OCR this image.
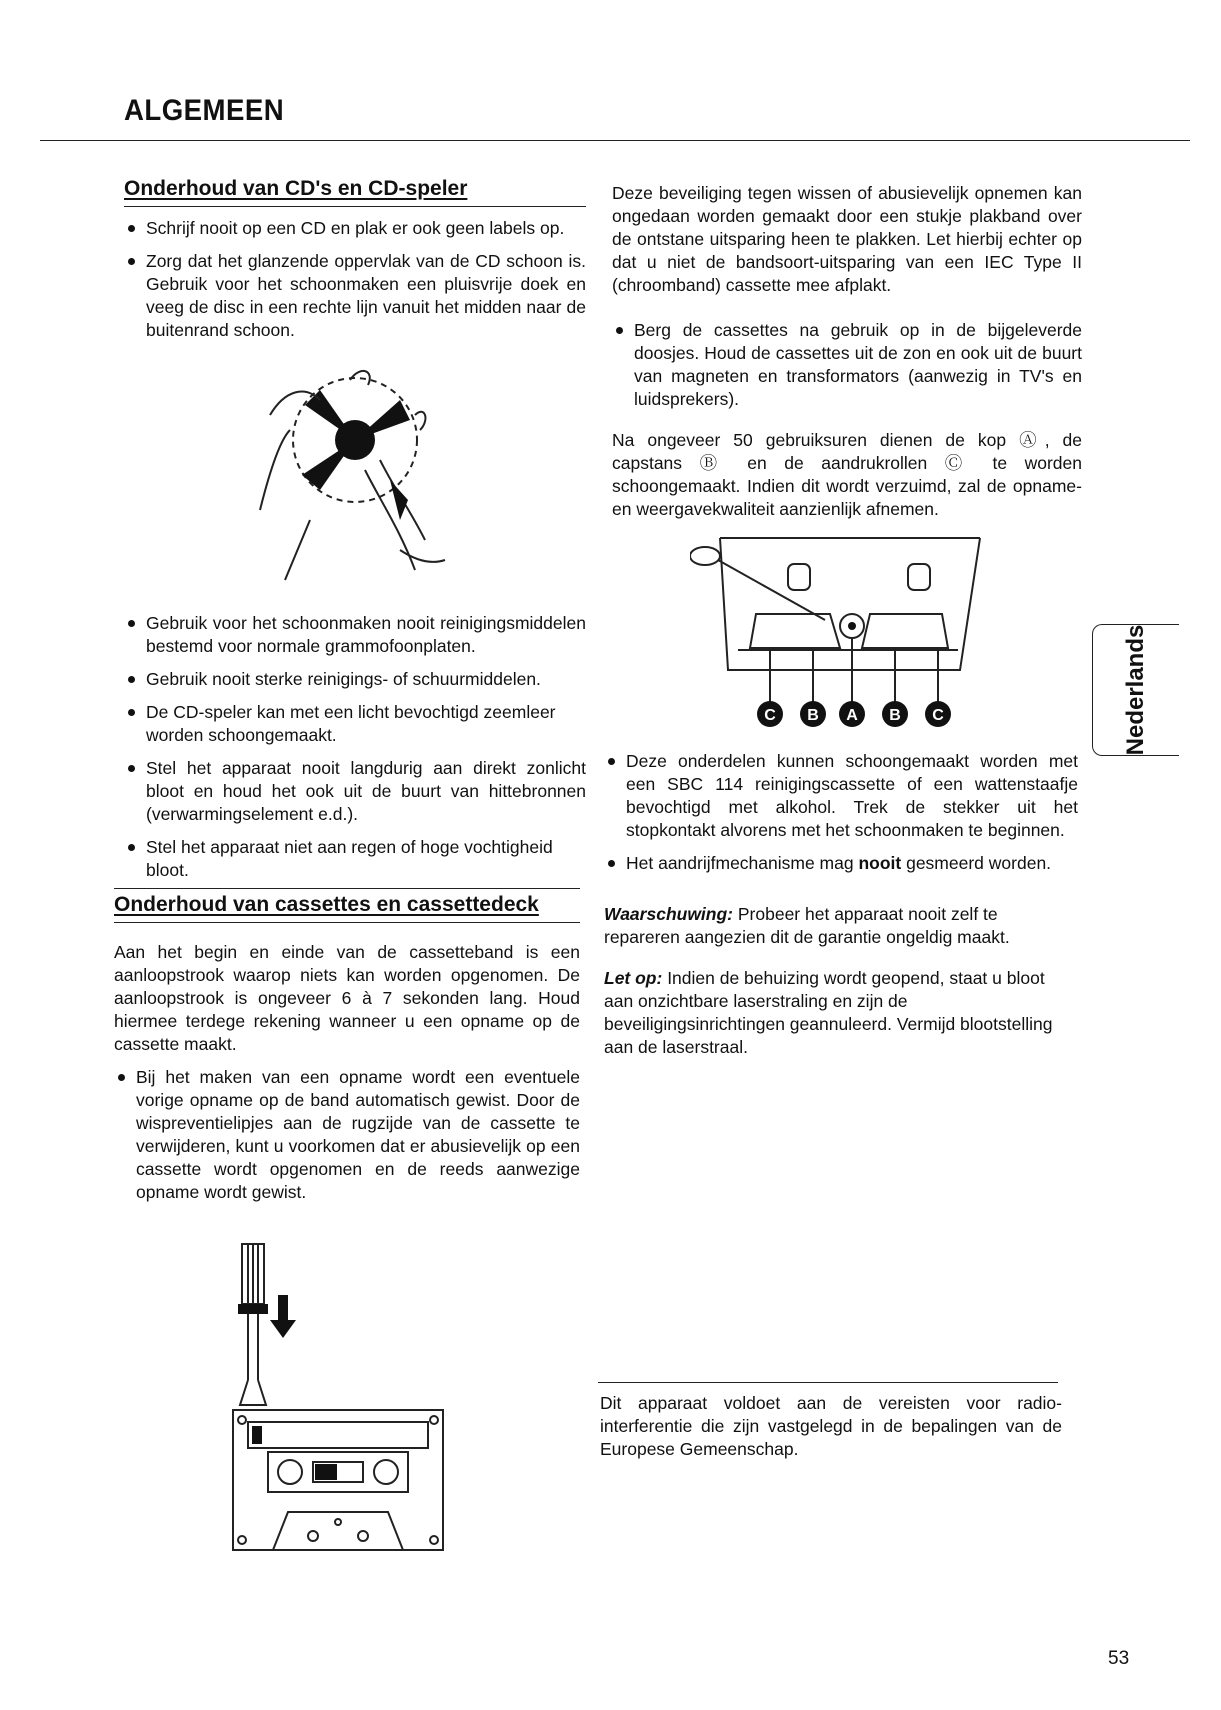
ALGEMEEN
Nederlands
Onderhoud van CD's en CD-speler
Schrijf nooit op een CD en plak er ook geen labels op.
Zorg dat het glanzende oppervlak van de CD schoon is. Gebruik voor het schoonmaken een pluisvrije doek en veeg de disc in een rechte lijn vanuit het midden naar de buitenrand schoon.
Gebruik voor het schoonmaken nooit reinigingsmiddelen bestemd voor normale grammofoonplaten.
Gebruik nooit sterke reinigings- of schuurmiddelen.
De CD-speler kan met een licht bevochtigd zeemleer worden schoongemaakt.
Stel het apparaat nooit langdurig aan direkt zonlicht bloot en houd het ook uit de buurt van hittebronnen (verwarmingselement e.d.).
Stel het apparaat niet aan regen of hoge vochtigheid bloot.
Onderhoud van cassettes en cassettedeck

Aan het begin en einde van de cassetteband is een aanloopstrook waarop niets kan worden opgenomen. De aanloopstrook is ongeveer 6 à 7 sekonden lang. Houd hiermee terdege rekening wanneer u een opname op de cassette maakt.

Bij het maken van een opname wordt een eventuele vorige opname op de band automatisch gewist. Door de wispreventielipjes aan de rugzijde van de cassette te verwijderen, kunt u voorkomen dat er abusievelijk op een cassette wordt opgenomen en de reeds aanwezige opname wordt gewist.

Deze beveiliging tegen wissen of abusievelijk opnemen kan ongedaan worden gemaakt door een stukje plakband over de ontstane uitsparing heen te plakken. Let hierbij echter op dat u niet de bandsoort-uitsparing van een IEC Type II (chroomband) cassette mee afplakt.

Berg de cassettes na gebruik op in de bijgeleverde doosjes. Houd de cassettes uit de zon en ook uit de buurt van magneten en transformators (aanwezig in TV's en luidsprekers).

Na ongeveer 50 gebruiksuren dienen de kop Ⓐ, de capstans Ⓑ en de aandrukrollen Ⓒ te worden schoongemaakt. Indien dit wordt verzuimd, zal de opname- en weergavekwaliteit aanzienlijk afnemen.

C B A B C
Deze onderdelen kunnen schoongemaakt worden met een SBC 114 reinigingscassette of een wattenstaafje bevochtigd met alkohol. Trek de stekker uit het stopkontakt alvorens met het schoonmaken te beginnen.
Het aandrijfmechanisme mag nooit gesmeerd worden.

Waarschuwing: Probeer het apparaat nooit zelf te repareren aangezien dit de garantie ongeldig maakt.

Let op: Indien de behuizing wordt geopend, staat u bloot aan onzichtbare laserstraling en zijn de beveiligingsinrichtingen geannuleerd. Vermijd blootstelling aan de laserstraal.

Dit apparaat voldoet aan de vereisten voor radio-interferentie die zijn vastgelegd in de bepalingen van de Europese Gemeenschap.
53
